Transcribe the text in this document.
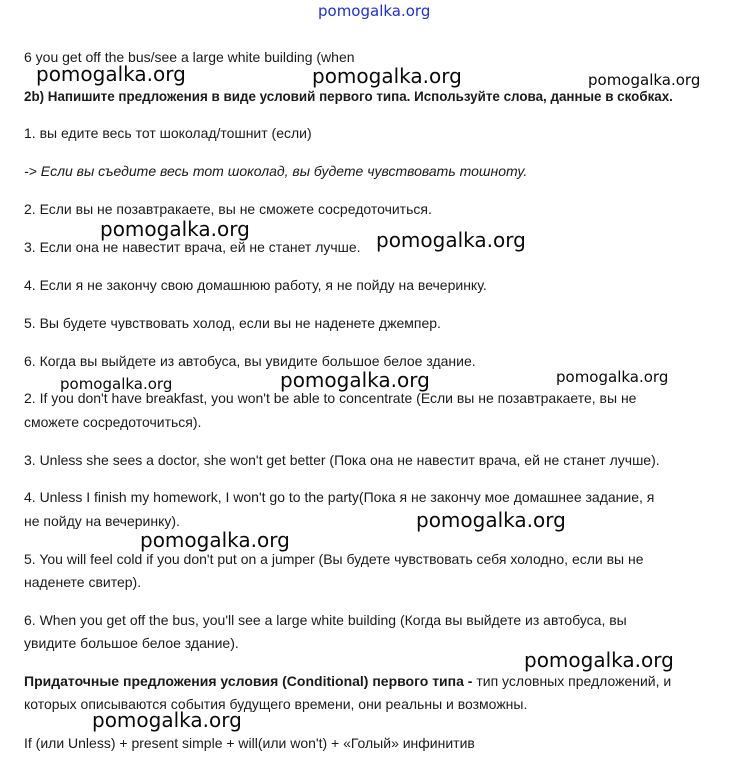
pomogalka.org
pomogalka.org	pomogalka.org	pomogalka.org
pomogalka.org	pomogalka.org
pomogalka.org	pomogalka.org	pomogalka.org
pomogalka.org
pomogalka.org
pomogalka.org
pomogalka.org
6 you get off the bus/see a large white building (when
2b) Напишите предложения в виде условий первого типа. Используйте слова, данные в скобках.
1. вы едите весь тот шоколад/тошнит (если)
-> Если вы съедите весь тот шоколад, вы будете чувствовать тошноту.
2. Если вы не позавтракаете, вы не сможете сосредоточиться.
3. Если она не навестит врача, ей не станет лучше.
4. Если я не закончу свою домашнюю работу, я не пойду на вечеринку.
5. Вы будете чувствовать холод, если вы не наденете джемпер.
6. Когда вы выйдете из автобуса, вы увидите большое белое здание.
2. If you don't have breakfast, you won't be able to concentrate (Если вы не позавтракаете, вы не
сможете сосредоточиться).
3. Unless she sees a doctor, she won't get better (Пока она не навестит врача, ей не станет лучше).
4. Unless I finish my homework, I won't go to the party(Пока я не закончу мое домашнее задание, я
не пойду на вечеринку).
5. You will feel cold if you don't put on a jumper (Вы будете чувствовать себя холодно, если вы не
наденете свитер).
6. When you get off the bus, you'll see a large white building (Когда вы выйдете из автобуса, вы
увидите большое белое здание).
Придаточные предложения условия (Conditional) первого типа - тип условных предложений, и
которых описываются события будущего времени, они реальны и возможны.
If (или Unless) + present simple + will(или won't) + «Голый» инфинитив
